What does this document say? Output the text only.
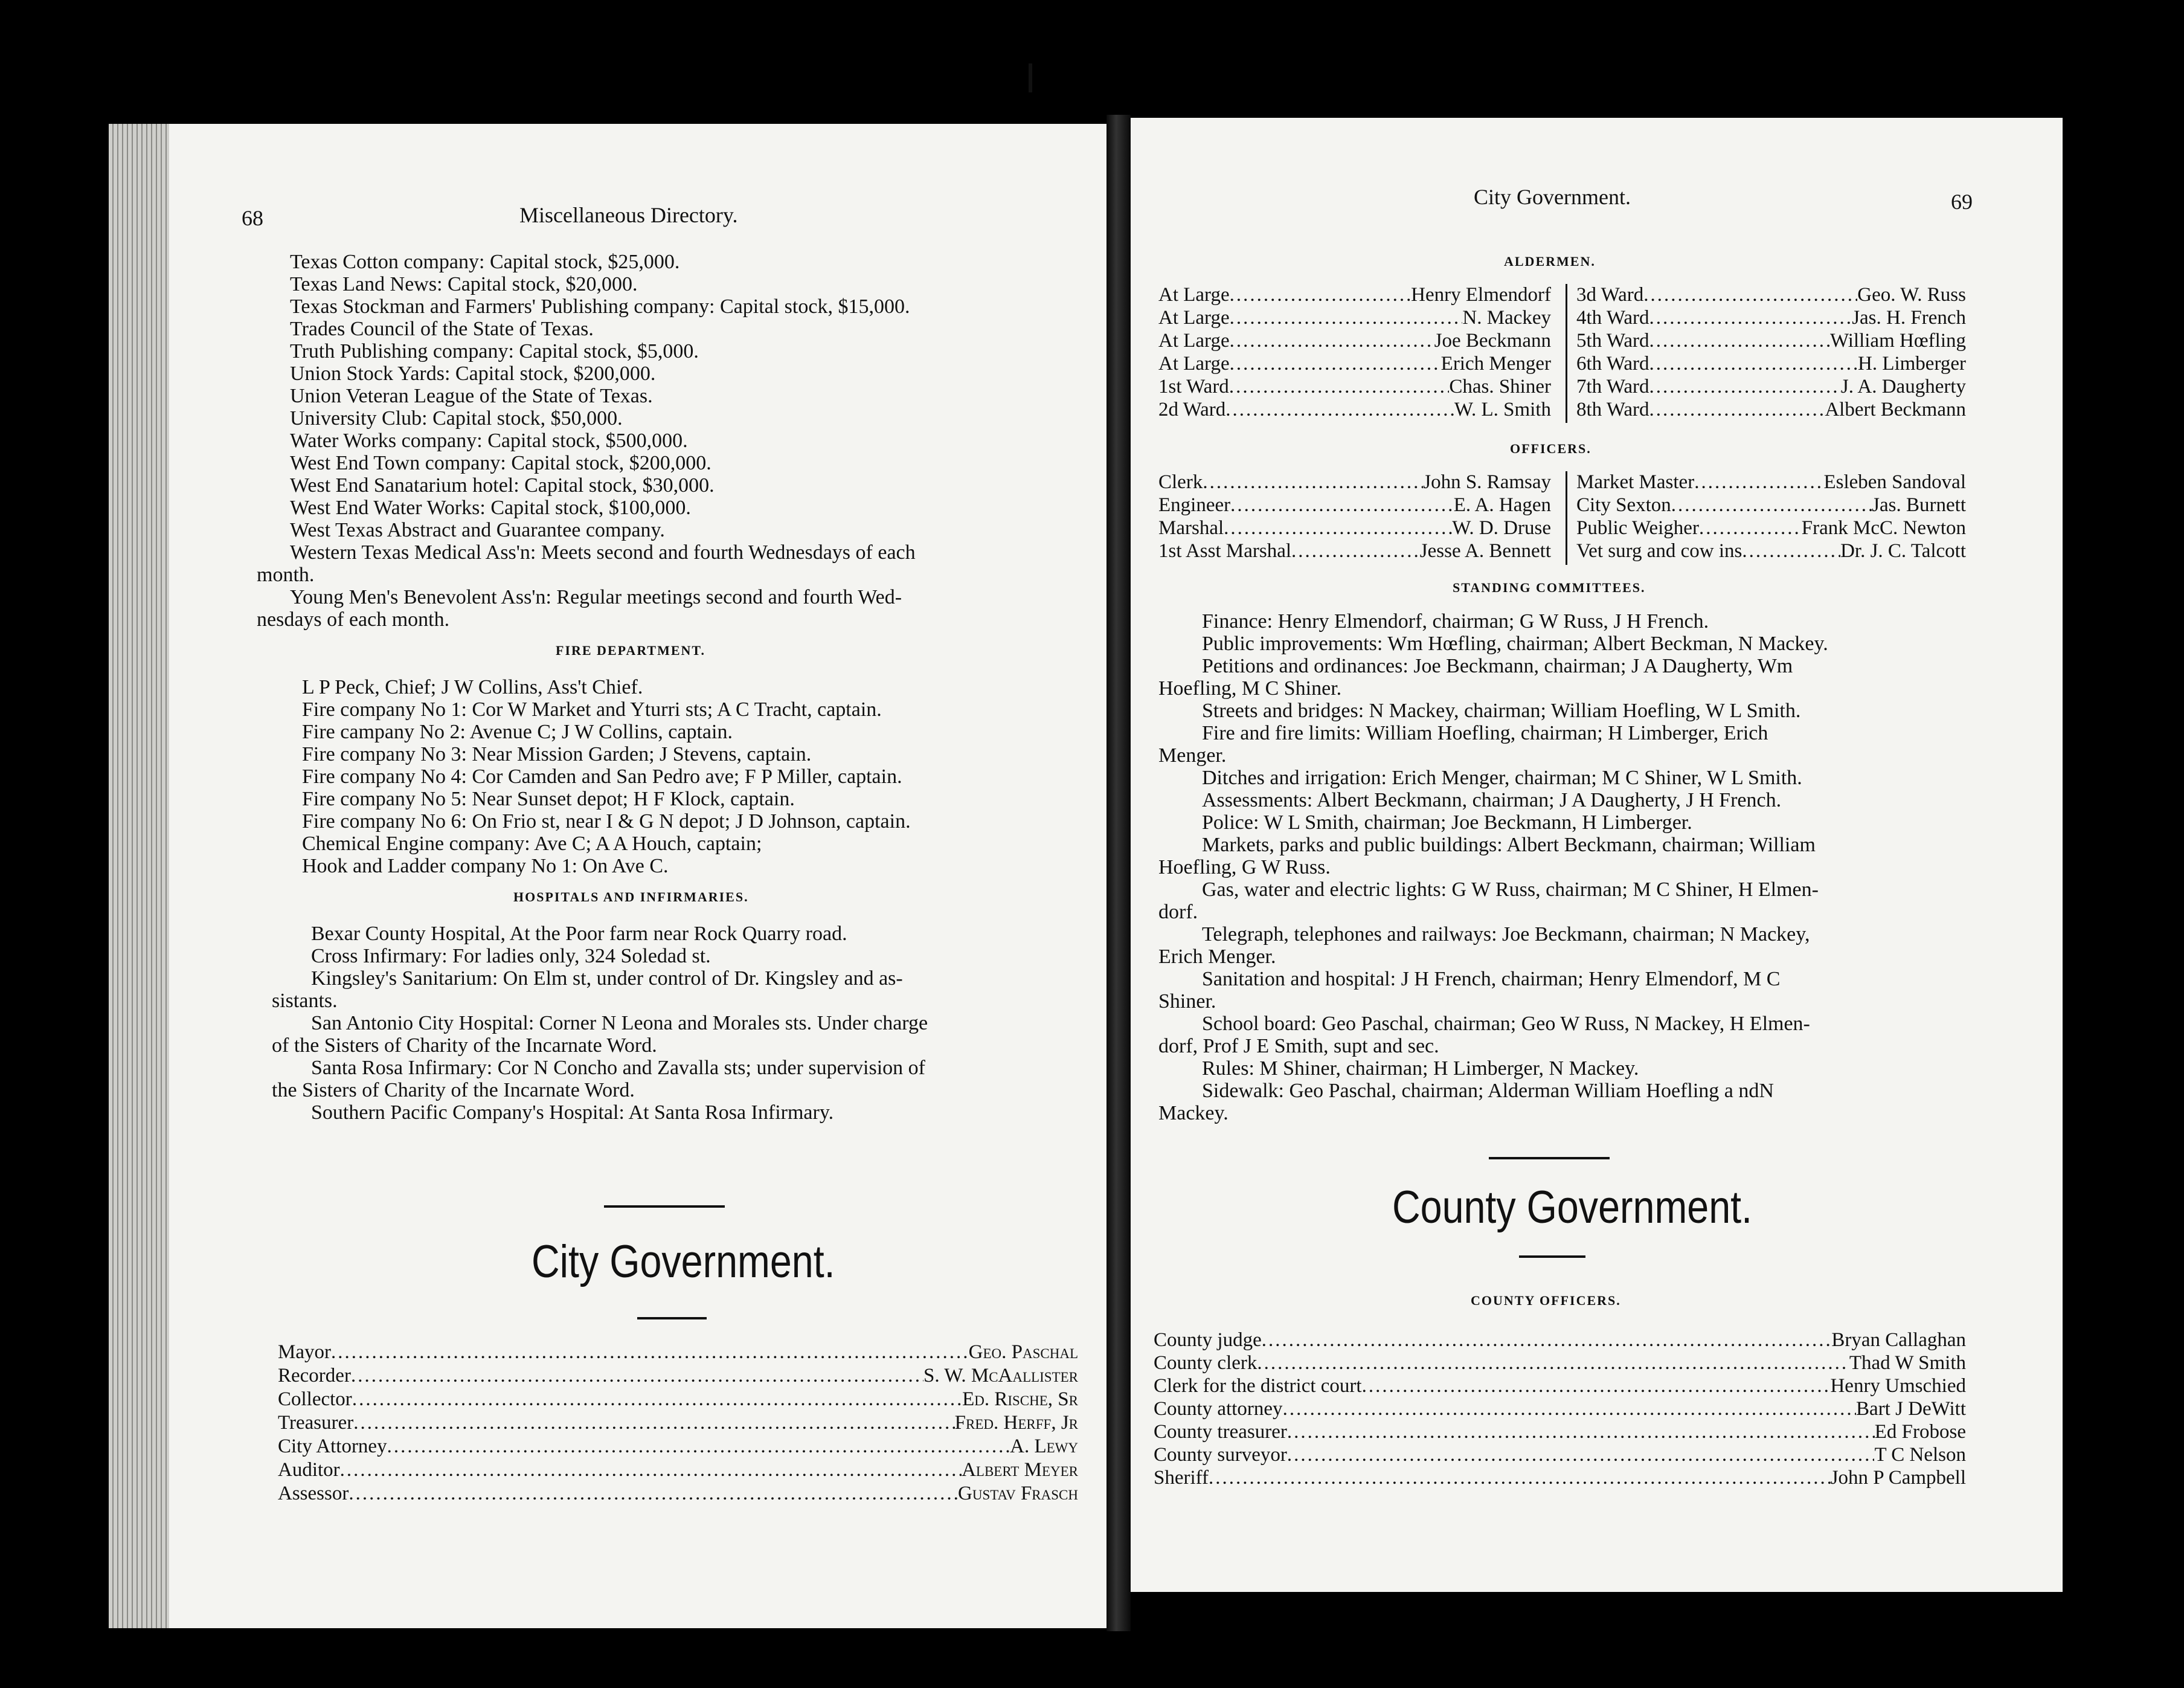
68	Miscellaneous Directory.
Texas Cotton company: Capital stock, $25,000.
Texas Land News: Capital stock, $20,000.
Texas Stockman and Farmers' Publishing company: Capital stock, $15,000.
Trades Council of the State of Texas.
Truth Publishing company: Capital stock, $5,000.
Union Stock Yards: Capital stock, $200,000.
Union Veteran League of the State of Texas.
University Club: Capital stock, $50,000.
Water Works company: Capital stock, $500,000.
West End Town company: Capital stock, $200,000.
West End Sanatarium hotel: Capital stock, $30,000.
West End Water Works: Capital stock, $100,000.
West Texas Abstract and Guarantee company.
Western Texas Medical Ass'n: Meets second and fourth Wednesdays of each
month.
Young Men's Benevolent Ass'n: Regular meetings second and fourth Wed-
nesdays of each month.
FIRE DEPARTMENT.
L P Peck, Chief; J W Collins, Ass't Chief.
Fire company No 1: Cor W Market and Yturri sts; A C Tracht, captain.
Fire campany No 2: Avenue C; J W Collins, captain.
Fire company No 3: Near Mission Garden; J Stevens, captain.
Fire company No 4: Cor Camden and San Pedro ave; F P Miller, captain.
Fire company No 5: Near Sunset depot; H F Klock, captain.
Fire company No 6: On Frio st, near I & G N depot; J D Johnson, captain.
Chemical Engine company: Ave C; A A Houch, captain;
Hook and Ladder company No 1: On Ave C.
HOSPITALS AND INFIRMARIES.
Bexar County Hospital, At the Poor farm near Rock Quarry road.
Cross Infirmary: For ladies only, 324 Soledad st.
Kingsley's Sanitarium: On Elm st, under control of Dr. Kingsley and as-
sistants.
San Antonio City Hospital: Corner N Leona and Morales sts. Under charge
of the Sisters of Charity of the Incarnate Word.
Santa Rosa Infirmary: Cor N Concho and Zavalla sts; under supervision of
the Sisters of Charity of the Incarnate Word.
Southern Pacific Company's Hospital: At Santa Rosa Infirmary.
City Government.
Mayor .....	Geo. Paschal
Recorder .....	S. W. McAallister
Collector .....	Ed. Rische, Sr
Treasurer .....	Fred. Herff, Jr
City Attorney .....	A. Lewy
Auditor .....	Albert Meyer
Assessor .....	Gustav Frasch
City Government.	69
ALDERMEN.
At Large .....	Henry Elmendorf
At Large .....	N. Mackey
At Large .....	Joe Beckmann
At Large .....	Erich Menger
1st Ward .....	Chas. Shiner
2d Ward .....	W. L. Smith
3d Ward .....	Geo. W. Russ
4th Ward .....	Jas. H. French
5th Ward .....	William Hœfling
6th Ward .....	H. Limberger
7th Ward .....	J. A. Daugherty
8th Ward .....	Albert Beckmann
OFFICERS.
Clerk .....	John S. Ramsay
Engineer .....	E. A. Hagen
Marshal .....	W. D. Druse
1st Asst Marshal .....	Jesse A. Bennett
Market Master .....	Esleben Sandoval
City Sexton .....	Jas. Burnett
Public Weigher .....	Frank McC. Newton
Vet surg and cow ins .....	Dr. J. C. Talcott
STANDING COMMITTEES.
Finance: Henry Elmendorf, chairman; G W Russ, J H French.
Public improvements: Wm Hœfling, chairman; Albert Beckman, N Mackey.
Petitions and ordinances: Joe Beckmann, chairman; J A Daugherty, Wm
Hoefling, M C Shiner.
Streets and bridges: N Mackey, chairman; William Hoefling, W L Smith.
Fire and fire limits: William Hoefling, chairman; H Limberger, Erich
Menger.
Ditches and irrigation: Erich Menger, chairman; M C Shiner, W L Smith.
Assessments: Albert Beckmann, chairman; J A Daugherty, J H French.
Police: W L Smith, chairman; Joe Beckmann, H Limberger.
Markets, parks and public buildings: Albert Beckmann, chairman; William
Hoefling, G W Russ.
Gas, water and electric lights: G W Russ, chairman; M C Shiner, H Elmen-
dorf.
Telegraph, telephones and railways: Joe Beckmann, chairman; N Mackey,
Erich Menger.
Sanitation and hospital: J H French, chairman; Henry Elmendorf, M C
Shiner.
School board: Geo Paschal, chairman; Geo W Russ, N Mackey, H Elmen-
dorf, Prof J E Smith, supt and sec.
Rules: M Shiner, chairman; H Limberger, N Mackey.
Sidewalk: Geo Paschal, chairman; Alderman William Hoefling a ndN
Mackey.
County Government.
COUNTY OFFICERS.
County judge .....	Bryan Callaghan
County clerk .....	Thad W Smith
Clerk for the district court .....	Henry Umschied
County attorney .....	Bart J DeWitt
County treasurer .....	Ed Frobose
County surveyor .....	T C Nelson
Sheriff .....	John P Campbell
